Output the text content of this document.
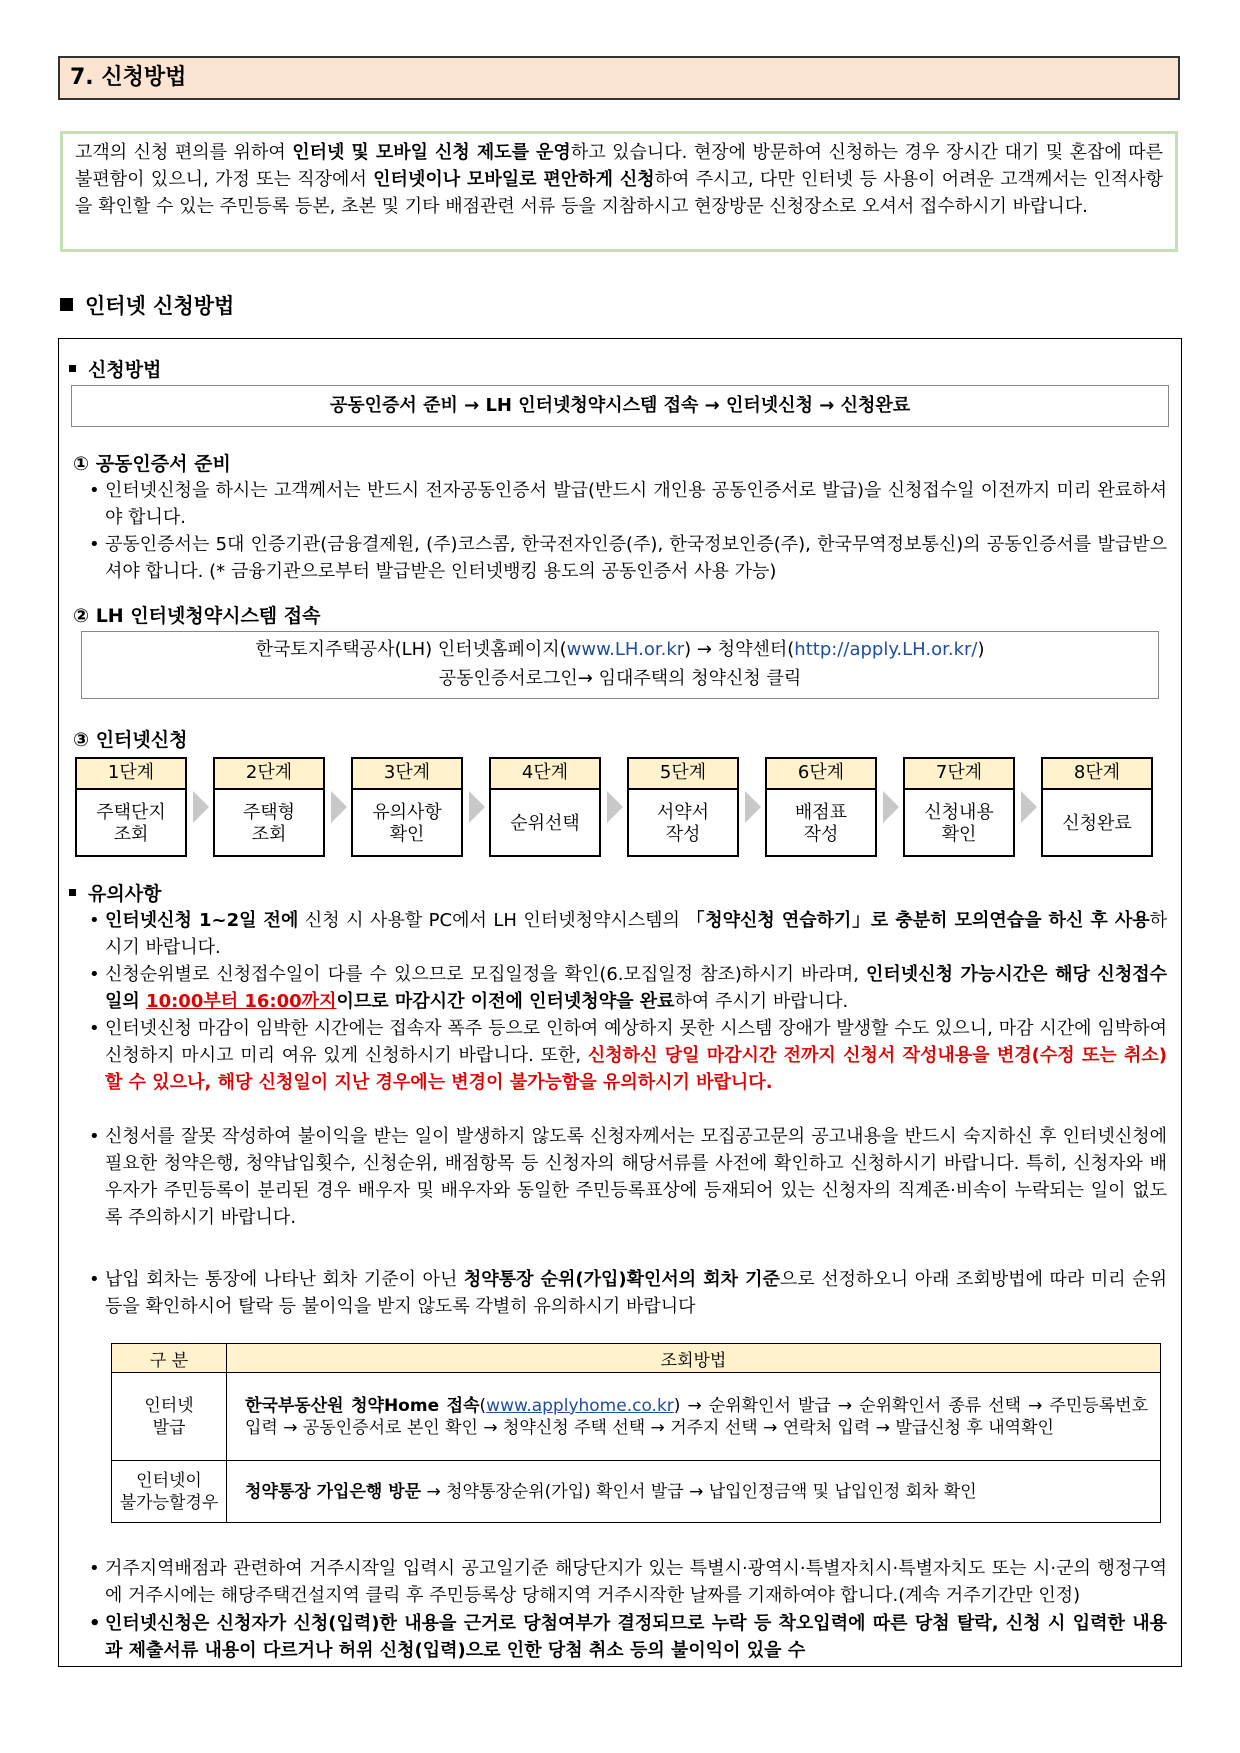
7. 신청방법
고객의 신청 편의를 위하여 인터넷 및 모바일 신청 제도를 운영하고 있습니다. 현장에 방문하여 신청하는 경우 장시간 대기 및 혼잡에 따른 불편함이 있으니, 가정 또는 직장에서 인터넷이나 모바일로 편안하게 신청하여 주시고, 다만 인터넷 등 사용이 어려운 고객께서는 인적사항을 확인할 수 있는 주민등록 등본, 초본 및 기타 배점관련 서류 등을 지참하시고 현장방문 신청장소로 오셔서 접수하시기 바랍니다.
인터넷 신청방법
신청방법
공동인증서 준비 → LH 인터넷청약시스템 접속 → 인터넷신청 → 신청완료
① 공동인증서 준비
• 인터넷신청을 하시는 고객께서는 반드시 전자공동인증서 발급(반드시 개인용 공동인증서로 발급)을 신청접수일 이전까지 미리 완료하셔야 합니다.
• 공동인증서는 5대 인증기관(금융결제원, (주)코스콤, 한국전자인증(주), 한국정보인증(주), 한국무역정보통신)의 공동인증서를 발급받으셔야 합니다. (* 금융기관으로부터 발급받은 인터넷뱅킹 용도의 공동인증서 사용 가능)
② LH 인터넷청약시스템 접속
한국토지주택공사(LH) 인터넷홈페이지(www.LH.or.kr) → 청약센터(http://apply.LH.or.kr/)
공동인증서로그인→ 임대주택의 청약신청 클릭
③ 인터넷신청
1단계
주택단지
조회
2단계
주택형
조회
3단계
유의사항
확인
4단계
순위선택
5단계
서약서
작성
6단계
배점표
작성
7단계
신청내용
확인
8단계
신청완료
유의사항
• 인터넷신청 1~2일 전에 신청 시 사용할 PC에서 LH 인터넷청약시스템의 「청약신청 연습하기」로 충분히 모의연습을 하신 후 사용하시기 바랍니다.
• 신청순위별로 신청접수일이 다를 수 있으므로 모집일정을 확인(6.모집일정 참조)하시기 바라며, 인터넷신청 가능시간은 해당 신청접수일의 10:00부터 16:00까지이므로 마감시간 이전에 인터넷청약을 완료하여 주시기 바랍니다.
• 인터넷신청 마감이 임박한 시간에는 접속자 폭주 등으로 인하여 예상하지 못한 시스템 장애가 발생할 수도 있으니, 마감 시간에 임박하여 신청하지 마시고 미리 여유 있게 신청하시기 바랍니다. 또한, 신청하신 당일 마감시간 전까지 신청서 작성내용을 변경(수정 또는 취소)할 수 있으나, 해당 신청일이 지난 경우에는 변경이 불가능함을 유의하시기 바랍니다.
• 신청서를 잘못 작성하여 불이익을 받는 일이 발생하지 않도록 신청자께서는 모집공고문의 공고내용을 반드시 숙지하신 후 인터넷신청에 필요한 청약은행, 청약납입횟수, 신청순위, 배점항목 등 신청자의 해당서류를 사전에 확인하고 신청하시기 바랍니다. 특히, 신청자와 배우자가 주민등록이 분리된 경우 배우자 및 배우자와 동일한 주민등록표상에 등재되어 있는 신청자의 직계존·비속이 누락되는 일이 없도록 주의하시기 바랍니다.
• 납입 회차는 통장에 나타난 회차 기준이 아닌 청약통장 순위(가입)확인서의 회차 기준으로 선정하오니 아래 조회방법에 따라 미리 순위 등을 확인하시어 탈락 등 불이익을 받지 않도록 각별히 유의하시기 바랍니다
구 분	조회방법

인터넷
발급	한국부동산원 청약Home 접속(www.applyhome.co.kr) → 순위확인서 발급 → 순위확인서 종류 선택 → 주민등록번호 입력 → 공동인증서로 본인 확인 → 청약신청 주택 선택 → 거주지 선택 → 연락처 입력 → 발급신청 후 내역확인

인터넷이
불가능할경우	청약통장 가입은행 방문 → 청약통장순위(가입) 확인서 발급 → 납입인정금액 및 납입인정 회차 확인
• 거주지역배점과 관련하여 거주시작일 입력시 공고일기준 해당단지가 있는 특별시·광역시·특별자치시·특별자치도 또는 시·군의 행정구역에 거주시에는 해당주택건설지역 클릭 후 주민등록상 당해지역 거주시작한 날짜를 기재하여야 합니다.(계속 거주기간만 인정)
• 인터넷신청은 신청자가 신청(입력)한 내용을 근거로 당첨여부가 결정되므로 누락 등 착오입력에 따른 당첨 탈락, 신청 시 입력한 내용과 제출서류 내용이 다르거나 허위 신청(입력)으로 인한 당첨 취소 등의 불이익이 있을 수
